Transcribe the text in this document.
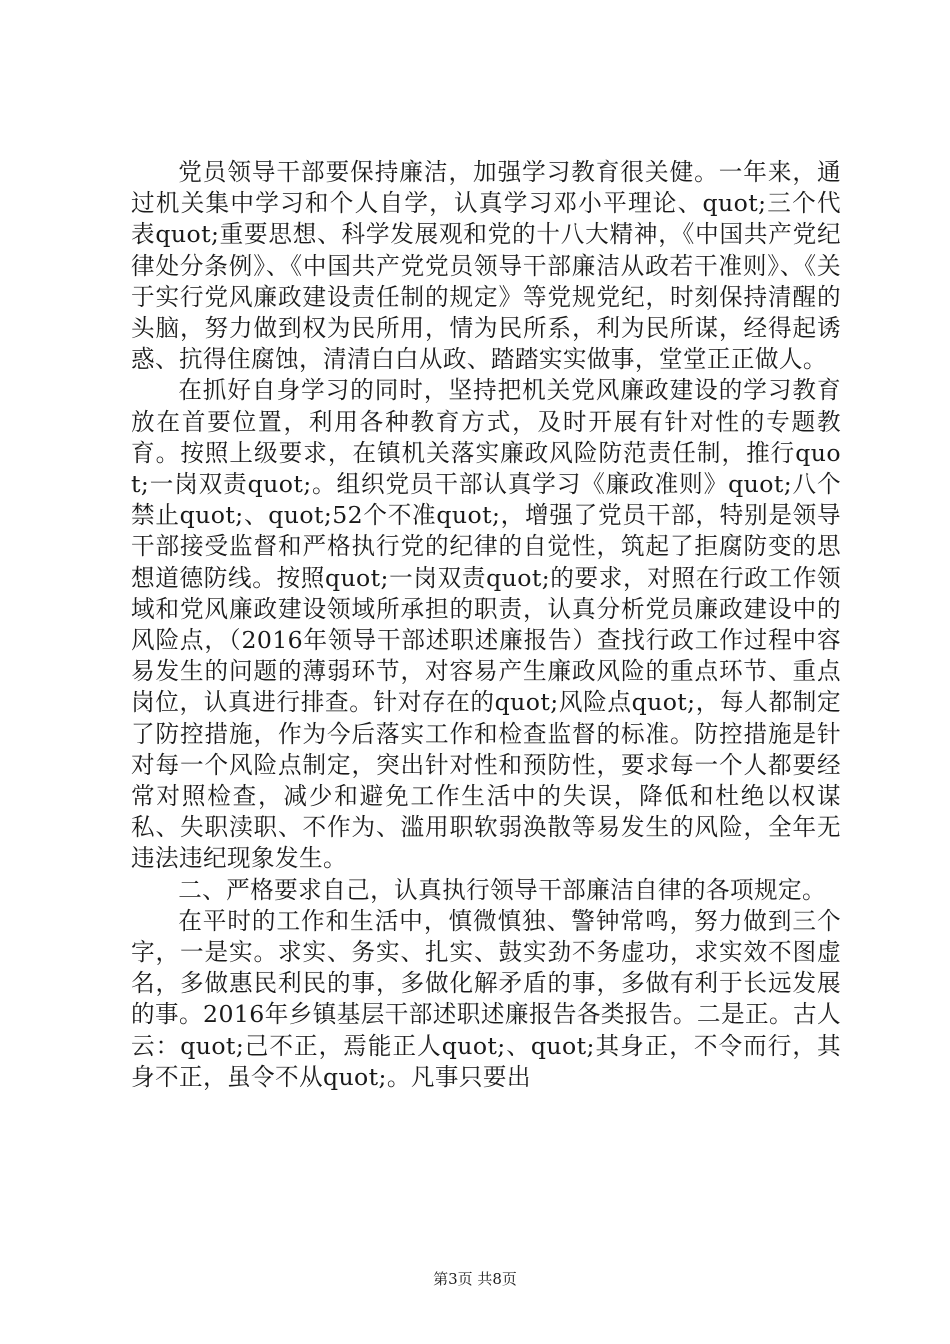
党员领导干部要保持廉洁，加强学习教育很关健。一年来，通过机关集中学习和个人自学，认真学习邓小平理论、quot;三个代表quot;重要思想、科学发展观和党的十八大精神，《中国共产党纪律处分条例》、《中国共产党党员领导干部廉洁从政若干准则》、《关于实行党风廉政建设责任制的规定》等党规党纪，时刻保持清醒的头脑，努力做到权为民所用，情为民所系，利为民所谋，经得起诱惑、抗得住腐蚀，清清白白从政、踏踏实实做事，堂堂正正做人。

在抓好自身学习的同时，坚持把机关党风廉政建设的学习教育放在首要位置，利用各种教育方式，及时开展有针对性的专题教育。按照上级要求，在镇机关落实廉政风险防范责任制，推行quot;一岗双责quot;。组织党员干部认真学习《廉政准则》quot;八个禁止quot;、quot;52个不准quot;，增强了党员干部，特别是领导干部接受监督和严格执行党的纪律的自觉性，筑起了拒腐防变的思想道德防线。按照quot;一岗双责quot;的要求，对照在行政工作领域和党风廉政建设领域所承担的职责，认真分析党员廉政建设中的风险点，（2016年领导干部述职述廉报告）查找行政工作过程中容易发生的问题的薄弱环节，对容易产生廉政风险的重点环节、重点岗位，认真进行排查。针对存在的quot;风险点quot;，每人都制定了防控措施，作为今后落实工作和检查监督的标准。防控措施是针对每一个风险点制定，突出针对性和预防性，要求每一个人都要经常对照检查，减少和避免工作生活中的失误，降低和杜绝以权谋私、失职渎职、不作为、滥用职软弱涣散等易发生的风险，全年无违法违纪现象发生。

二、严格要求自己，认真执行领导干部廉洁自律的各项规定。

在平时的工作和生活中，慎微慎独、警钟常鸣，努力做到三个字，一是实。求实、务实、扎实、鼓实劲不务虚功，求实效不图虚名，多做惠民利民的事，多做化解矛盾的事，多做有利于长远发展的事。2016年乡镇基层干部述职述廉报告各类报告。二是正。古人云：quot;己不正，焉能正人quot;、quot;其身正，不令而行，其身不正，虽令不从quot;。凡事只要出

第3页 共8页
